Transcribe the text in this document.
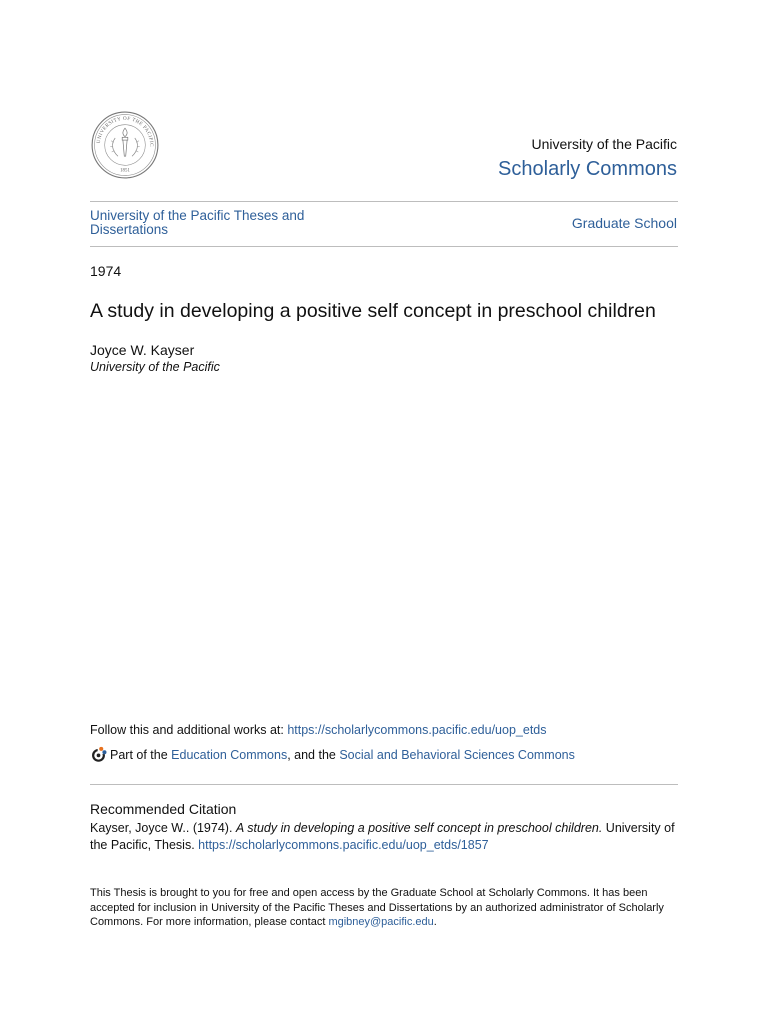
UNIVERSITY OF THE PACIFIC
1851
University of the Pacific
Scholarly Commons
University of the Pacific Theses and Dissertations	Graduate School
1974
A study in developing a positive self concept in preschool children
Joyce W. Kayser
University of the Pacific
Follow this and additional works at: https://scholarlycommons.pacific.edu/uop_etds
Part of the
Education Commons , and the
Social and Behavioral Sciences Commons
Recommended Citation
Kayser, Joyce W.. (1974). A study in developing a positive self concept in preschool children. University of the Pacific, Thesis. https://scholarlycommons.pacific.edu/uop_etds/1857
This Thesis is brought to you for free and open access by the Graduate School at Scholarly Commons. It has been accepted for inclusion in University of the Pacific Theses and Dissertations by an authorized administrator of Scholarly Commons. For more information, please contact mgibney@pacific.edu.
